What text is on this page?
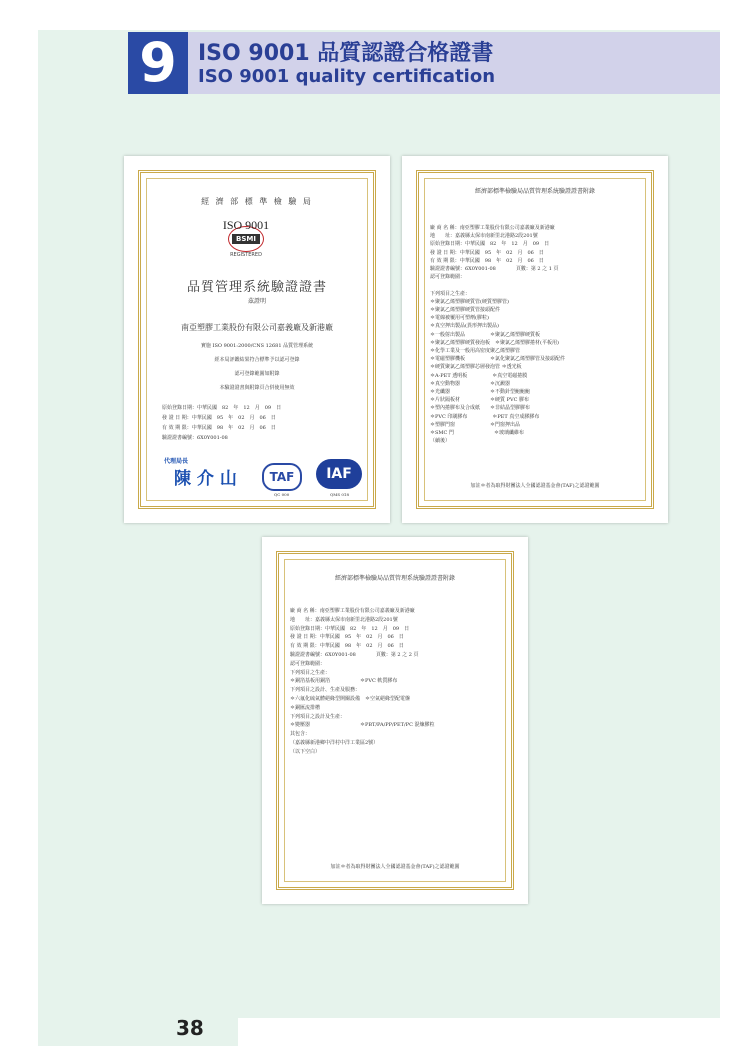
9 ISO 9001 品質認證合格證書
ISO 9001 quality certification
經 濟 部 標 準 檢 驗 局
ISO 9001
BSMI
REGISTERED
品質管理系統驗證證書
茲證明
南亞塑膠工業股份有限公司嘉義廠及新港廠
實施 ISO 9001:2000/CNS 12681 品質管理系統
經本局評鑑結果符合標準予以認可登錄
認可登錄範圍如附錄
本驗證證書與附錄頁合併使用無效
原始登錄日期：中華民國　82　年　12　月　09　日
發 證 日 期：中華民國　95　年　02　月　06　日
有 效 期 限：中華民國　98　年　02　月　06　日
驗證證書編號：6X0Y001-08
代理局長
陳 介 山	TAF	IAF
QC 000	QMS 018
經濟部標準檢驗局品質管理系統驗證證書附錄
廠 商 名 稱：南亞塑膠工業股份有限公司嘉義廠及新港廠
地　　址：嘉義縣太保市南新里北港路2段201號
原始登錄日期：中華民國　82　年　12　月　09　日
發 證 日 期：中華民國　95　年　02　月　06　日
有 效 期 限：中華民國　98　年　02　月　06　日
驗證證書編號：6X0Y001-08　　　　頁數：第 2 之 1 頁
認可登錄範圍：
下列項目之生產：
＊聚氯乙烯塑膠硬質管(硬質塑膠管)
＊聚氯乙烯塑膠硬質管接頭配件
＊電線被覆用可塑劑(膠粒)
＊真空押出製品(異形押出製品)
＊一般射出製品　　　　　＊聚氯乙烯塑膠硬質板
＊聚氯乙烯塑膠硬質發泡板　＊聚氯乙烯塑膠捲材(平板用)
＊化學工業及一般用高密度聚乙烯塑膠管
＊電磁塑膠機板　　　　　＊氯化聚氯乙烯塑膠管及接頭配件
＊硬質聚氯乙烯塑膠芯層發泡管 ＊透光板
＊A-PET 透明板　　　　　＊真空電磁捲膜
＊真空動物器　　　　　　＊沉澱器
＊光纖器　　　　　　　　＊不動針型鮑鮑鮑
＊片狀隔板材　　　　　　＊硬質 PVC 膠布
＊塑內捲膠布及合成紙　　＊非結晶型膠膠布
＊PVC 印刷膠布　　　　　＊PET 真空成膠膠布
＊塑膠門窗　　　　　　　＊門窗押出品
＊SMC 門　　　　　　　　＊玻璃纖維布
（續後）
加註＊者為取得財團法人全國認證基金會(TAF)之認證範圍
經濟部標準檢驗局品質管理系統驗證證書附錄
廠 商 名 稱：南亞塑膠工業股份有限公司嘉義廠及新港廠
地　　址：嘉義縣太保市南新里北港路2段201號
原始登錄日期：中華民國　82　年　12　月　09　日
發 證 日 期：中華民國　95　年　02　月　06　日
有 效 期 限：中華民國　98　年　02　月　06　日
驗證證書編號：6X0Y001-08　　　　頁數：第 2 之 2 頁
認可登錄範圍：
下列項目之生產：
＊銅箔基板用銅箔　　　　　　＊PVC 軟質膠布
下列項目之設計、生產及服務：
＊六氟化硫氣體絕緣型開關設備　＊空氣絕緣型配電盤
＊銅匯流排槽
下列項目之設計及生產：
＊變壓器　　　　　　　　　　＊PBT/PA/PP/PET/PC 混煉膠粒
其包含：
（嘉義縣新港鄉中洋村中洋工業區2號）
（以下空白）
加註＊者為取得財團法人全國認證基金會(TAF)之認證範圍
38
